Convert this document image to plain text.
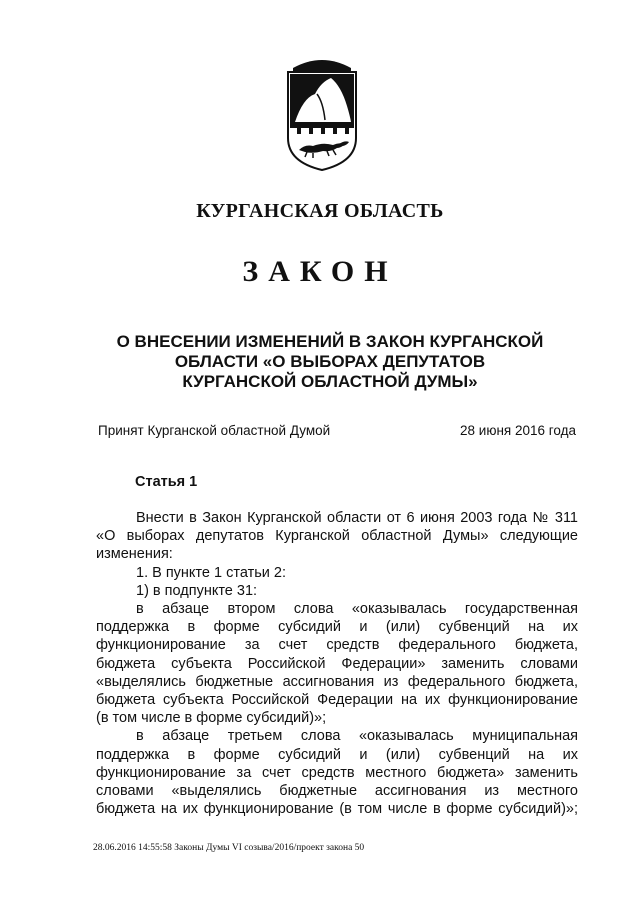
КУРГАНСКАЯ ОБЛАСТЬ
ЗАКОН
О ВНЕСЕНИИ ИЗМЕНЕНИЙ В ЗАКОН КУРГАНСКОЙ
ОБЛАСТИ «О ВЫБОРАХ ДЕПУТАТОВ
КУРГАНСКОЙ ОБЛАСТНОЙ ДУМЫ»
Принят Курганской областной Думой	28 июня 2016 года
Статья 1

Внести в Закон Курганской области от 6 июня 2003 года № 311

«О выборах депутатов Курганской областной Думы» следующие

изменения:

1. В пункте 1 статьи 2:

1) в подпункте 31:

в абзаце втором слова «оказывалась государственная

поддержка в форме субсидий и (или) субвенций на их

функционирование за счет средств федерального бюджета,

бюджета субъекта Российской Федерации» заменить словами

«выделялись бюджетные ассигнования из федерального бюджета,

бюджета субъекта Российской Федерации на их функционирование

(в том числе в форме субсидий)»;

в абзаце третьем слова «оказывалась муниципальная

поддержка в форме субсидий и (или) субвенций на их

функционирование за счет средств местного бюджета» заменить

словами «выделялись бюджетные ассигнования из местного

бюджета на их функционирование (в том числе в форме субсидий)»;

28.06.2016 14:55:58 Законы Думы VI созыва/2016/проект закона 50
